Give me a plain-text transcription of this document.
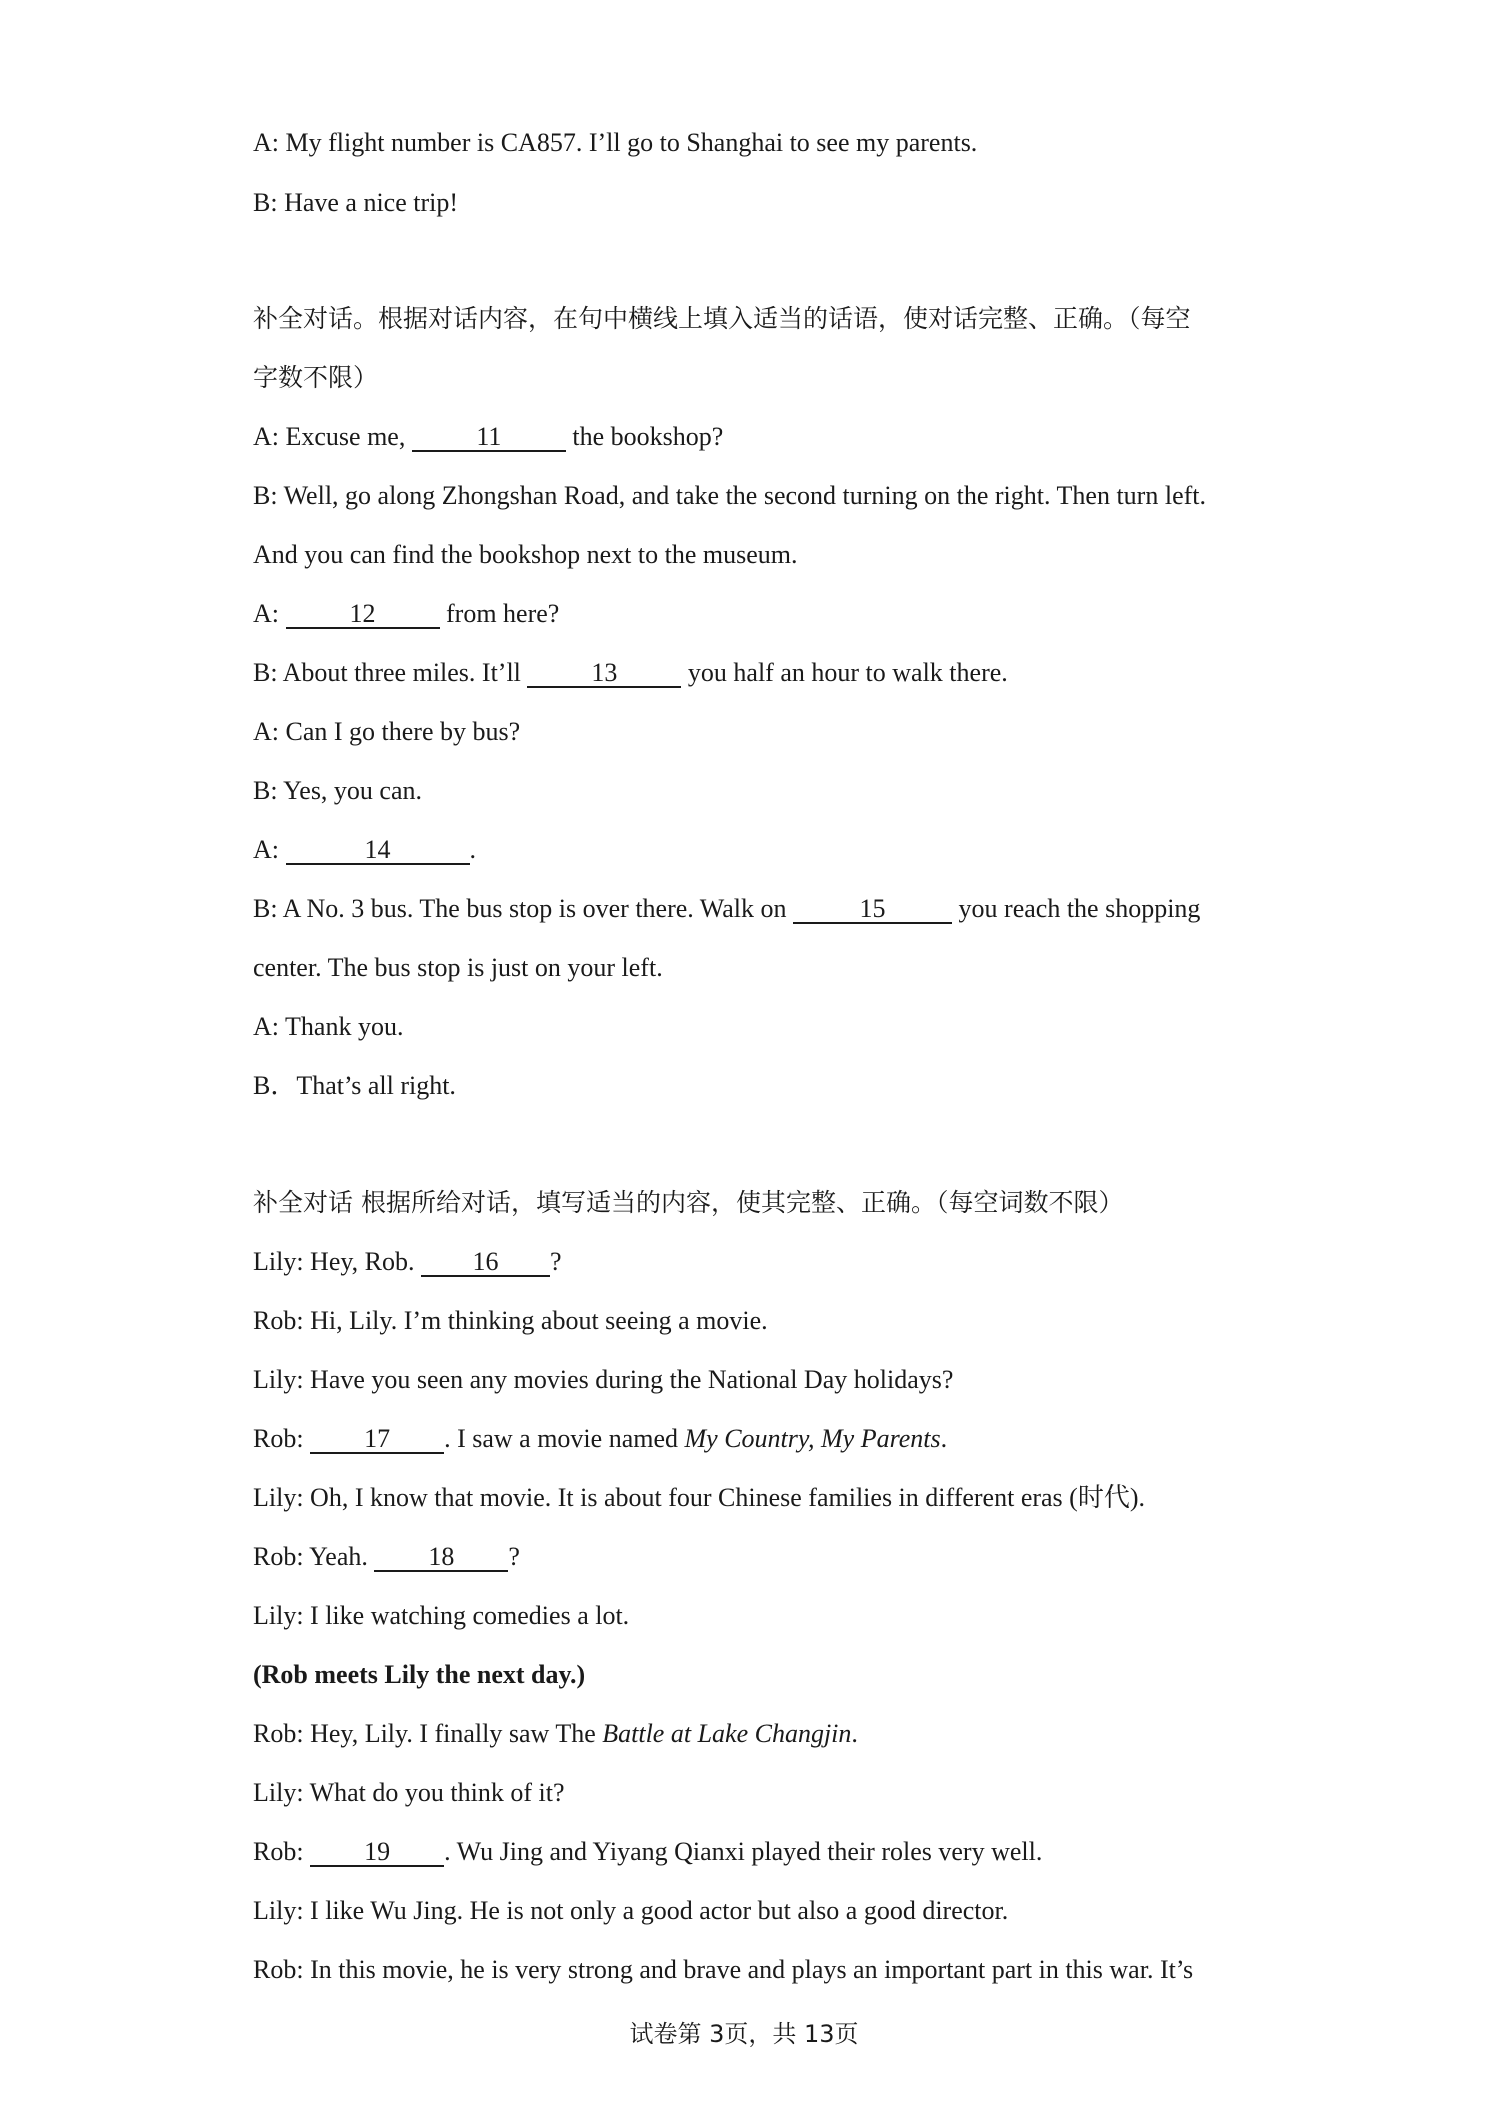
A: My flight number is CA857. I’ll go to Shanghai to see my parents.
B: Have a nice trip!
补全对话。根据对话内容，在句中横线上填入适当的话语，使对话完整、正确。（每空
字数不限）
A: Excuse me, 11 the bookshop?
B: Well, go along Zhongshan Road, and take the second turning on the right. Then turn left.
And you can find the bookshop next to the museum.
A: 12 from here?
B: About three miles. It’ll 13 you half an hour to walk there.
A: Can I go there by bus?
B: Yes, you can.
A:	14	.
B: A No. 3 bus. The bus stop is over there. Walk on	15	you reach the shopping
center. The bus stop is just on your left.
A: Thank you.
B．That’s all right.
补全对话 根据所给对话，填写适当的内容，使其完整、正确。（每空词数不限）
Lily: Hey, Rob. 16 ?
Rob: Hi, Lily. I’m thinking about seeing a movie.
Lily: Have you seen any movies during the National Day holidays?
Rob: 17 . I saw a movie named My Country, My Parents.
Lily: Oh, I know that movie. It is about four Chinese families in different eras (时代).
Rob: Yeah. 18 ?
Lily: I like watching comedies a lot.
(Rob meets Lily the next day.)
Rob: Hey, Lily. I finally saw The Battle at Lake Changjin.
Lily: What do you think of it?
Rob: 19 . Wu Jing and Yiyang Qianxi played their roles very well.
Lily: I like Wu Jing. He is not only a good actor but also a good director.
Rob: In this movie, he is very strong and brave and plays an important part in this war. It’s
试卷第 3页，共 13页
